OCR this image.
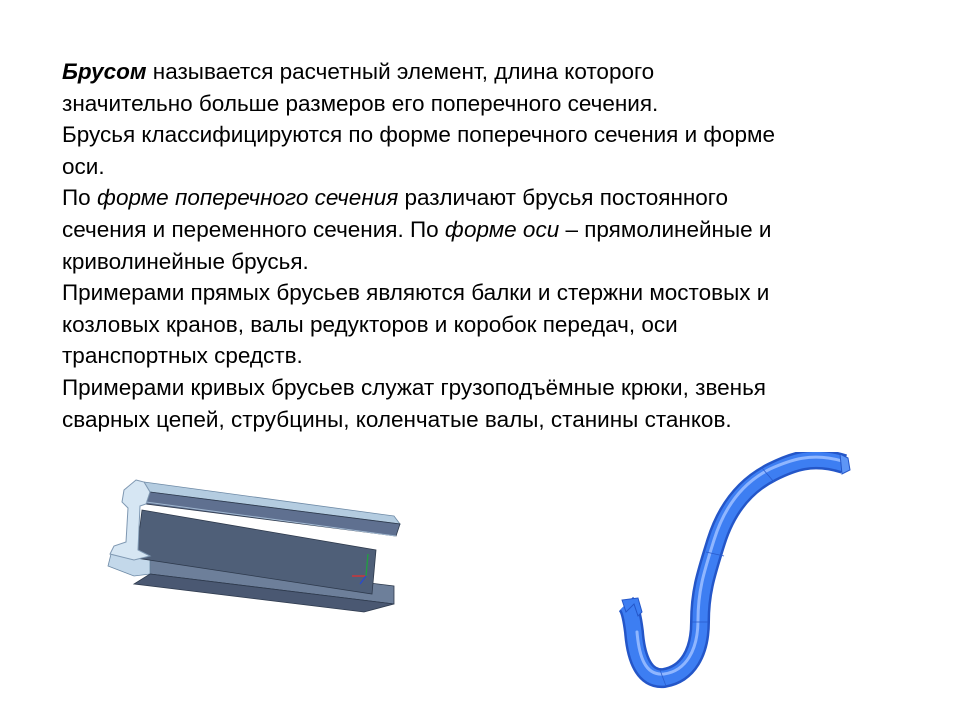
Брусом называется расчетный элемент, длина которого
значительно больше размеров его поперечного сечения.

Брусья классифицируются по форме поперечного сечения и форме
оси.

По форме поперечного сечения различают брусья постоянного
сечения и переменного сечения. По форме оси – прямолинейные и
криволинейные брусья.

Примерами прямых брусьев являются балки и стержни мостовых и
козловых кранов, валы редукторов и коробок передач, оси
транспортных средств.

Примерами кривых брусьев служат грузоподъёмные крюки, звенья
сварных цепей, струбцины, коленчатые валы, станины станков.
